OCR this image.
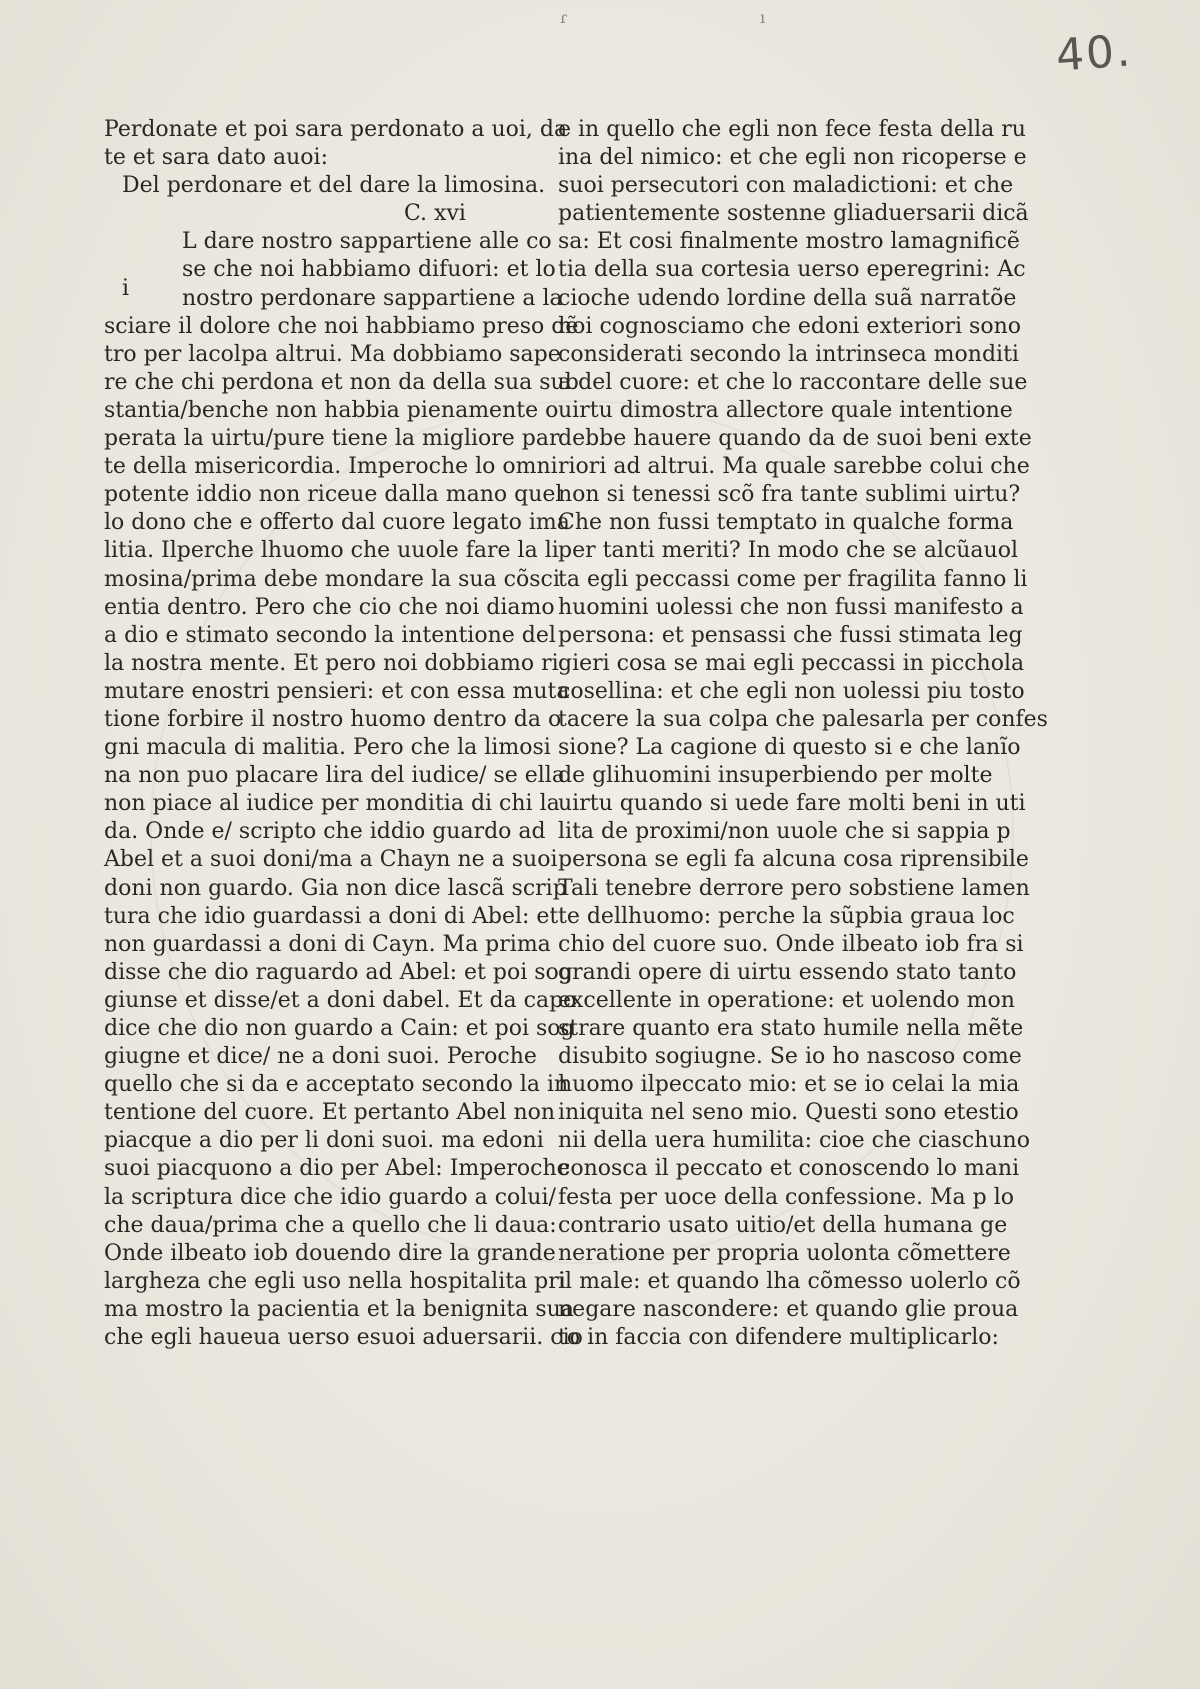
40.
i
Perdonate et poi sara perdonato a uoi, da
te et sara dato auoi:
Del perdonare et del dare la limosina.
C. xvi
L dare nostro sappartiene alle co
se che noi habbiamo difuori: et lo
nostro perdonare sappartiene a la
sciare il dolore che noi habbiamo preso dẽ
tro per lacolpa altrui. Ma dobbiamo sape
re che chi perdona et non da della sua sub
stantia/benche non habbia pienamente o
perata la uirtu/pure tiene la migliore par
te della misericordia. Imperoche lo omni
potente iddio non riceue dalla mano quel
lo dono che e offerto dal cuore legato ima
litia. Ilperche lhuomo che uuole fare la li
mosina/prima debe mondare la sua cõsci
entia dentro. Pero che cio che noi diamo
a dio e stimato secondo la intentione del
la nostra mente. Et pero noi dobbiamo ri
mutare enostri pensieri: et con essa muta
tione forbire il nostro huomo dentro da o
gni macula di malitia. Pero che la limosi
na non puo placare lira del iudice/ se ella
non piace al iudice per monditia di chi la
da. Onde e/ scripto che iddio guardo ad
Abel et a suoi doni/ma a Chayn ne a suoi
doni non guardo. Gia non dice lascã scrip
tura che idio guardassi a doni di Abel: et
non guardassi a doni di Cayn. Ma prima
disse che dio raguardo ad Abel: et poi sog
giunse et disse/et a doni dabel. Et da capo
dice che dio non guardo a Cain: et poi sog
giugne et dice/ ne a doni suoi. Peroche
quello che si da e acceptato secondo la in
tentione del cuore. Et pertanto Abel non
piacque a dio per li doni suoi. ma edoni
suoi piacquono a dio per Abel: Imperoche
la scriptura dice che idio guardo a colui/
che daua/prima che a quello che li daua:
Onde ilbeato iob douendo dire la grande
largheza che egli uso nella hospitalita pri
ma mostro la pacientia et la benignita sua
che egli haueua uerso esuoi aduersarii. cio
e in quello che egli non fece festa della ru
ina del nimico: et che egli non ricoperse e
suoi persecutori con maladictioni: et che
patientemente sostenne gliaduersarii dicã
sa: Et cosi finalmente mostro lamagnificẽ
tia della sua cortesia uerso eperegrini: Ac
cioche udendo lordine della suã narratõe
noi cognosciamo che edoni exteriori sono
considerati secondo la intrinseca monditi
a del cuore: et che lo raccontare delle sue
uirtu dimostra allectore quale intentione
debbe hauere quando da de suoi beni exte
riori ad altrui. Ma quale sarebbe colui che
non si tenessi scõ fra tante sublimi uirtu?
Che non fussi temptato in qualche forma
per tanti meriti? In modo che se alcũauol
ta egli peccassi come per fragilita fanno li
huomini uolessi che non fussi manifesto a
persona: et pensassi che fussi stimata leg
gieri cosa se mai egli peccassi in picchola
cosellina: et che egli non uolessi piu tosto
tacere la sua colpa che palesarla per confes
sione? La cagione di questo si e che lanĩo
de glihuomini insuperbiendo per molte
uirtu quando si uede fare molti beni in uti
lita de proximi/non uuole che si sappia p
persona se egli fa alcuna cosa riprensibile
Tali tenebre derrore pero sobstiene lamen
te dellhuomo: perche la sũpbia graua loc
chio del cuore suo. Onde ilbeato iob fra si
grandi opere di uirtu essendo stato tanto
excellente in operatione: et uolendo mon
strare quanto era stato humile nella mẽte
disubito sogiugne. Se io ho nascoso come
huomo ilpeccato mio: et se io celai la mia
iniquita nel seno mio. Questi sono etestio
nii della uera humilita: cioe che ciaschuno
conosca il peccato et conoscendo lo mani
festa per uoce della confessione. Ma p lo
contrario usato uitio/et della humana ge
neratione per propria uolonta cõmettere
il male: et quando lha cõmesso uolerlo cõ
negare nascondere: et quando glie proua
to in faccia con difendere multiplicarlo:
ɾ	ı
